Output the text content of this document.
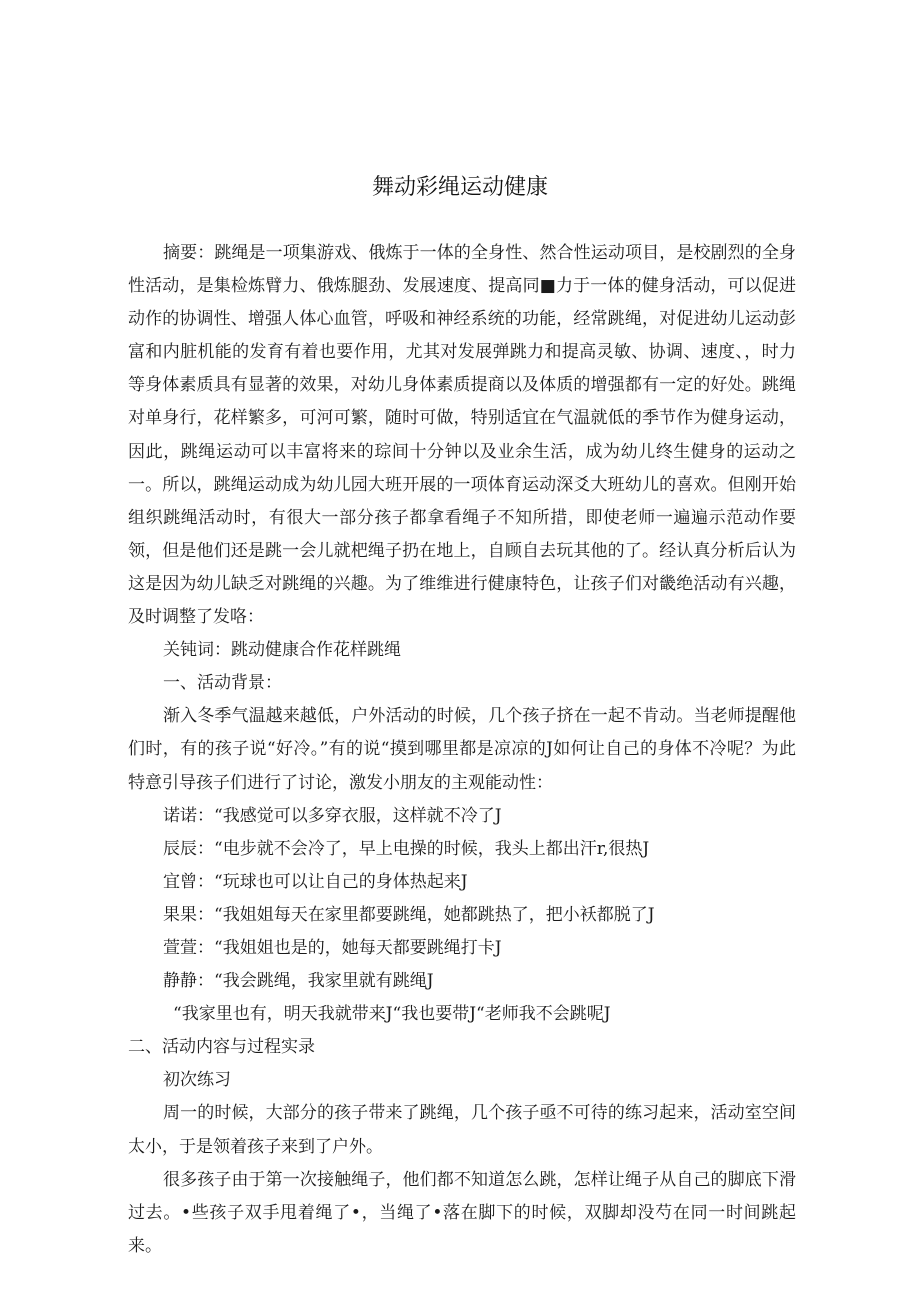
舞动彩绳运动健康

摘要：跳绳是一项集游戏、俄炼于一体的全身性、然合性运动项目，是校剧烈的全身性活动，是集检炼臂力、俄炼腿劲、发展速度、提高同■力于一体的健身活动，可以促进动作的协调性、增强人体心血管，呼吸和神经系统的功能，经常跳绳，对促进幼儿运动彭富和内脏机能的发育有着也要作用，尤其对发展弹跳力和提高灵敏、协调、速度、，时力等身体素质具有显著的效果，对幼儿身体素质提商以及体质的增强都有一定的好处。跳绳对单身行，花样繁多，可河可繁，随时可做，特别适宜在气温就低的季节作为健身运动，因此，跳绳运动可以丰富将来的琮间十分钟以及业余生活，成为幼儿终生健身的运动之一。所以，跳绳运动成为幼儿园大班开展的一项体育运动深爻大班幼儿的喜欢。但刚开始组织跳绳活动时，有很大一部分孩子都拿看绳子不知所措，即使老师一遍遍示范动作要领，但是他们还是跳一会儿就杷绳子扔在地上，自顾自去玩其他的了。经认真分析后认为这是因为幼儿缺乏对跳绳的兴趣。为了维维进行健康特色，让孩子们对畿绝活动有兴趣，及时调整了发咯：

关钝词：跳动健康合作花样跳绳

一、活动背景：

渐入冬季气温越来越低，户外活动的时候，几个孩子挤在一起不肯动。当老师提醒他们时，有的孩子说“好冷。”有的说“摸到哪里都是凉凉的J如何让自己的身体不冷呢？为此特意引导孩子们进行了讨论，激发小朋友的主观能动性：

诺诺：“我感觉可以多穿衣服，这样就不冷了J

辰辰：“电步就不会冷了，早上电操的时候，我头上都出汗r,很热J

宜曾：“玩球也可以让自己的身体热起来J

果果：“我姐姐每天在家里都要跳绳，她都跳热了，把小袄都脱了J

萱萱：“我姐姐也是的，她每天都要跳绳打卡J

静静：“我会跳绳，我家里就有跳绳J

“我家里也有，明天我就带来J“我也要带J“老师我不会跳呢J

二、活动内容与过程实录

初次练习

周一的时候，大部分的孩子带来了跳绳，几个孩子亟不可待的练习起来，活动室空间太小，于是领着孩子来到了户外。

很多孩子由于第一次接触绳子，他们都不知道怎么跳，怎样让绳子从自己的脚底下滑过去。•些孩子双手甩着绳了•，当绳了•落在脚下的时候，双脚却没芍在同一时间跳起来。
